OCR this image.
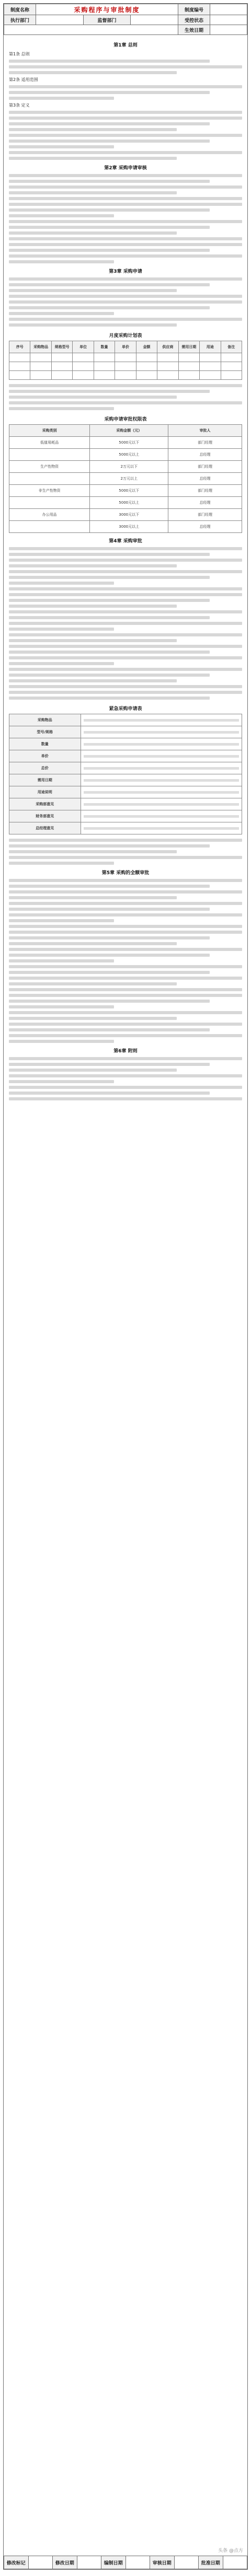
制度名称	采购程序与审批制度			制度编号	
执行部门		监督部门		受控状态	
				生效日期	
第1章 总则
第1条 总则
第2条 适用范围
第3条 定义
第2章 采购申请审核
第3章 采购申请
月度采购计划表
序号	采购物品	规格型号	单位	数量	单价	金额	供应商	需用日期	用途	备注

采购申请审批权限表
采购类别	采购金额（元）	审批人
低值易耗品	5000元以下	部门经理
	5000元以上	总经理
生产性物资	2万元以下	部门经理
	2万元以上	总经理
非生产性物资	5000元以下	部门经理
	5000元以上	总经理
办公用品	3000元以下	部门经理
	3000元以上	总经理
第4章 采购审批
紧急采购申请表
采购物品	

型号/规格	

数量	

单价	

总价	

需用日期	

用途说明	

采购部意见	

财务部意见	

总经理意见	
第5章 采购的全额审批
第6章 附则
头条 @点方
修改标记		修改日期		编制日期		审核日期		批准日期	
